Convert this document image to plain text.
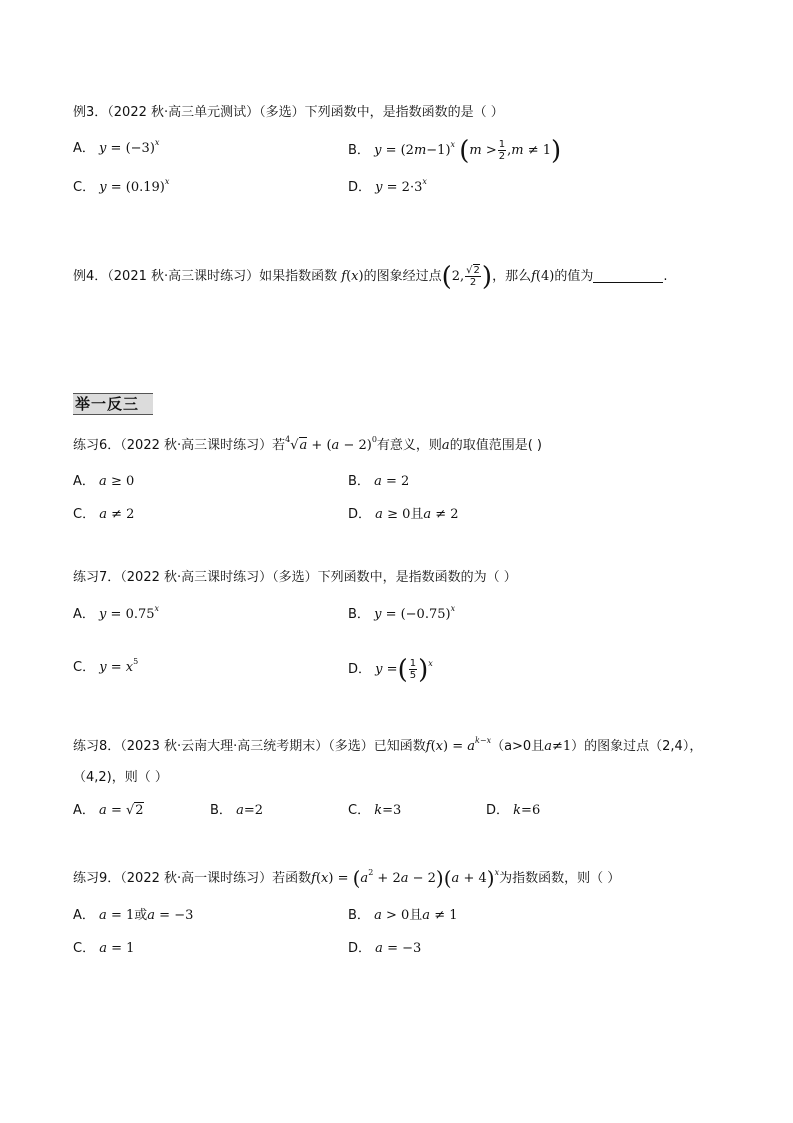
例3．（2022 秋·高三单元测试）（多选）下列函数中，是指数函数的是（ ）
A． $y = (-3)^x$
B． $y = (2m-1)^x$ $(m > \frac{1}{2} ,m \ne 1)$
C． $y = (0.19)^x$	D． $y = 2\cdot 3^x$
例4．（2021 秋·高三课时练习）如果指数函数 f(x)的图象经过点(2, $\frac{√2}{2}$ )，那么f(4)的值为	.
举一反三
练习6．（2022 秋·高三课时练习）若$^4√a + (a - 2)^0$有意义，则a的取值范围是( )
A． a ≥ 0	B． a = 2
C． a ≠ 2	D． a ≥ 0且a ≠ 2
练习7．（2022 秋·高三课时练习）（多选）下列函数中，是指数函数的为（ ）
A． $y = 0.75^x$	B． $y = (-0.75)^x$
C． $y = x^5$
D． y =( $\frac{1}{5} )^x$
练习8．（2023 秋·云南大理·高三统考期末）（多选）已知函数$f(x) = a^{k-x}(a>0$且a≠1）的图象过点（2,4），
（4,2)，则（ ）
A． a = √2	B． a=2	C． k=3	D． k=6
练习9．（2022 秋·高一课时练习）若函数$f(x) = (a^2 + 2a - 2)(a + 4)^x$为指数函数，则（ ）
A． a = 1或a = −3	B． a > 0且a ≠ 1
C． a = 1	D． a = −3
